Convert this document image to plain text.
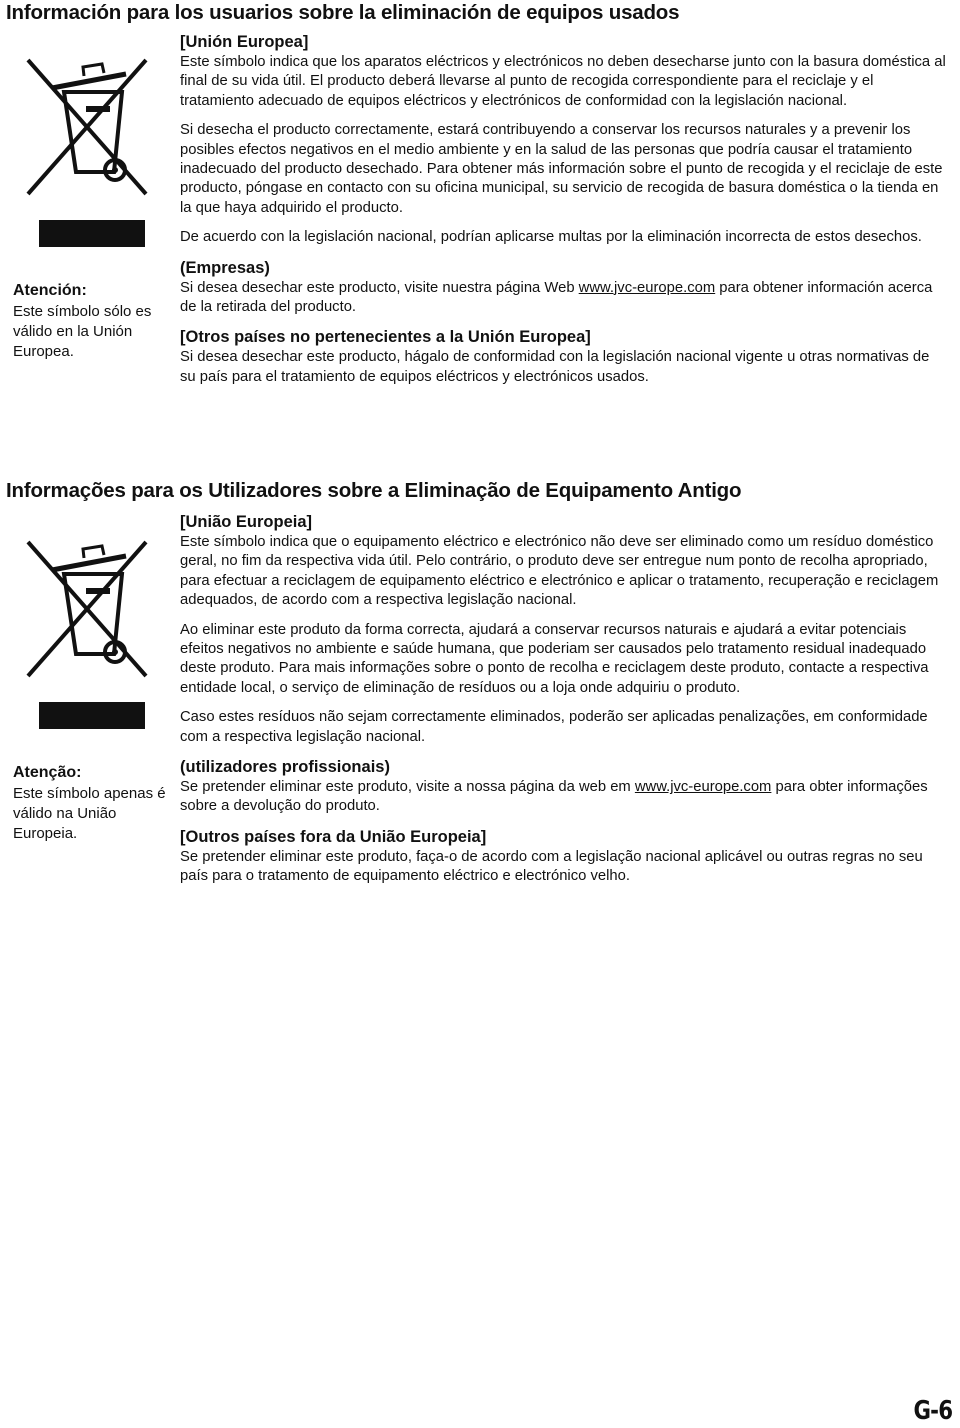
Información para los usuarios sobre la eliminación de equipos usados
Atención:
Este símbolo sólo es válido en la Unión Europea.
[Unión Europea]

Este símbolo indica que los aparatos eléctricos y electrónicos no deben desecharse junto con la basura doméstica al final de su vida útil. El producto deberá llevarse al punto de recogida correspondiente para el reciclaje y el tratamiento adecuado de equipos eléctricos y electrónicos de conformidad con la legislación nacional.

Si desecha el producto correctamente, estará contribuyendo a conservar los recursos naturales y a prevenir los posibles efectos negativos en el medio ambiente y en la salud de las personas que podría causar el tratamiento inadecuado del producto desechado. Para obtener más información sobre el punto de recogida y el reciclaje de este producto, póngase en contacto con su oficina municipal, su servicio de recogida de basura doméstica o la tienda en la que haya adquirido el producto.

De acuerdo con la legislación nacional, podrían aplicarse multas por la eliminación incorrecta de estos desechos.

(Empresas)

Si desea desechar este producto, visite nuestra página Web www.jvc-europe.com para obtener información acerca de la retirada del producto.

[Otros países no pertenecientes a la Unión Europea]

Si desea desechar este producto, hágalo de conformidad con la legislación nacional vigente u otras normativas de su país para el tratamiento de equipos eléctricos y electrónicos usados.

Informações para os Utilizadores sobre a Eliminação de Equipamento Antigo
Atenção:
Este símbolo apenas é válido na União Europeia.
[União Europeia]

Este símbolo indica que o equipamento eléctrico e electrónico não deve ser eliminado como um resíduo doméstico geral, no fim da respectiva vida útil. Pelo contrário, o produto deve ser entregue num ponto de recolha apropriado, para efectuar a reciclagem de equipamento eléctrico e electrónico e aplicar o tratamento, recuperação e reciclagem adequados, de acordo com a respectiva legislação nacional.

Ao eliminar este produto da forma correcta, ajudará a conservar recursos naturais e ajudará a evitar potenciais efeitos negativos no ambiente e saúde humana, que poderiam ser causados pelo tratamento residual inadequado deste produto. Para mais informações sobre o ponto de recolha e reciclagem deste produto, contacte a respectiva entidade local, o serviço de eliminação de resíduos ou a loja onde adquiriu o produto.

Caso estes resíduos não sejam correctamente eliminados, poderão ser aplicadas penalizações, em conformidade com a respectiva legislação nacional.

(utilizadores profissionais)

Se pretender eliminar este produto, visite a nossa página da web em www.jvc-europe.com para obter informações sobre a devolução do produto.

[Outros países fora da União Europeia]

Se pretender eliminar este produto, faça-o de acordo com a legislação nacional aplicável ou outras regras no seu país para o tratamento de equipamento eléctrico e electrónico velho.

G-6
